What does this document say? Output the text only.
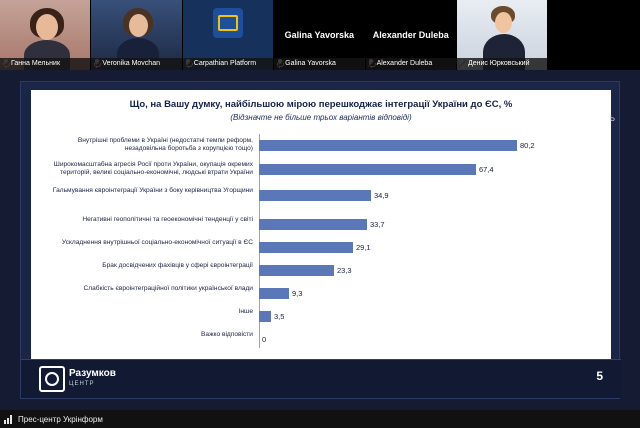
Ганна Мельник	Veronika Movchan	Carpathian Platform
Galina Yavorska
Galina Yavorska
Alexander Duleba
Alexander Duleba	Денис Юрковський
Що, на Вашу думку, найбільшою мірою перешкоджає інтеграції України до ЄС, %
(Відзначте не більше трьох варіантів відповіді)
Внутрішні проблеми в Україні (недостатні темпи реформ, незадовільна боротьба з корупцією тощо)
Широкомасштабна агресія Росії проти України, окупація окремих територій, великі соціально-економічні, людські втрати України
Гальмування євроінтеграції України з боку керівництва Угорщини
Негативні геополітичні та геоекономічні тенденції у світі
Ускладнення внутрішньої соціально-економічної ситуації в ЄС
Брак досвідчених фахівців у сфері євроінтеграції
Слабкість євроінтеграційної політики української влади
Інше
Важко відповісти
80,2
67,4
34,9
33,7
29,1
23,3
9,3
3,5
0
Ь
Разумков
ЦЕНТР
5
Прес-центр Укрінформ
